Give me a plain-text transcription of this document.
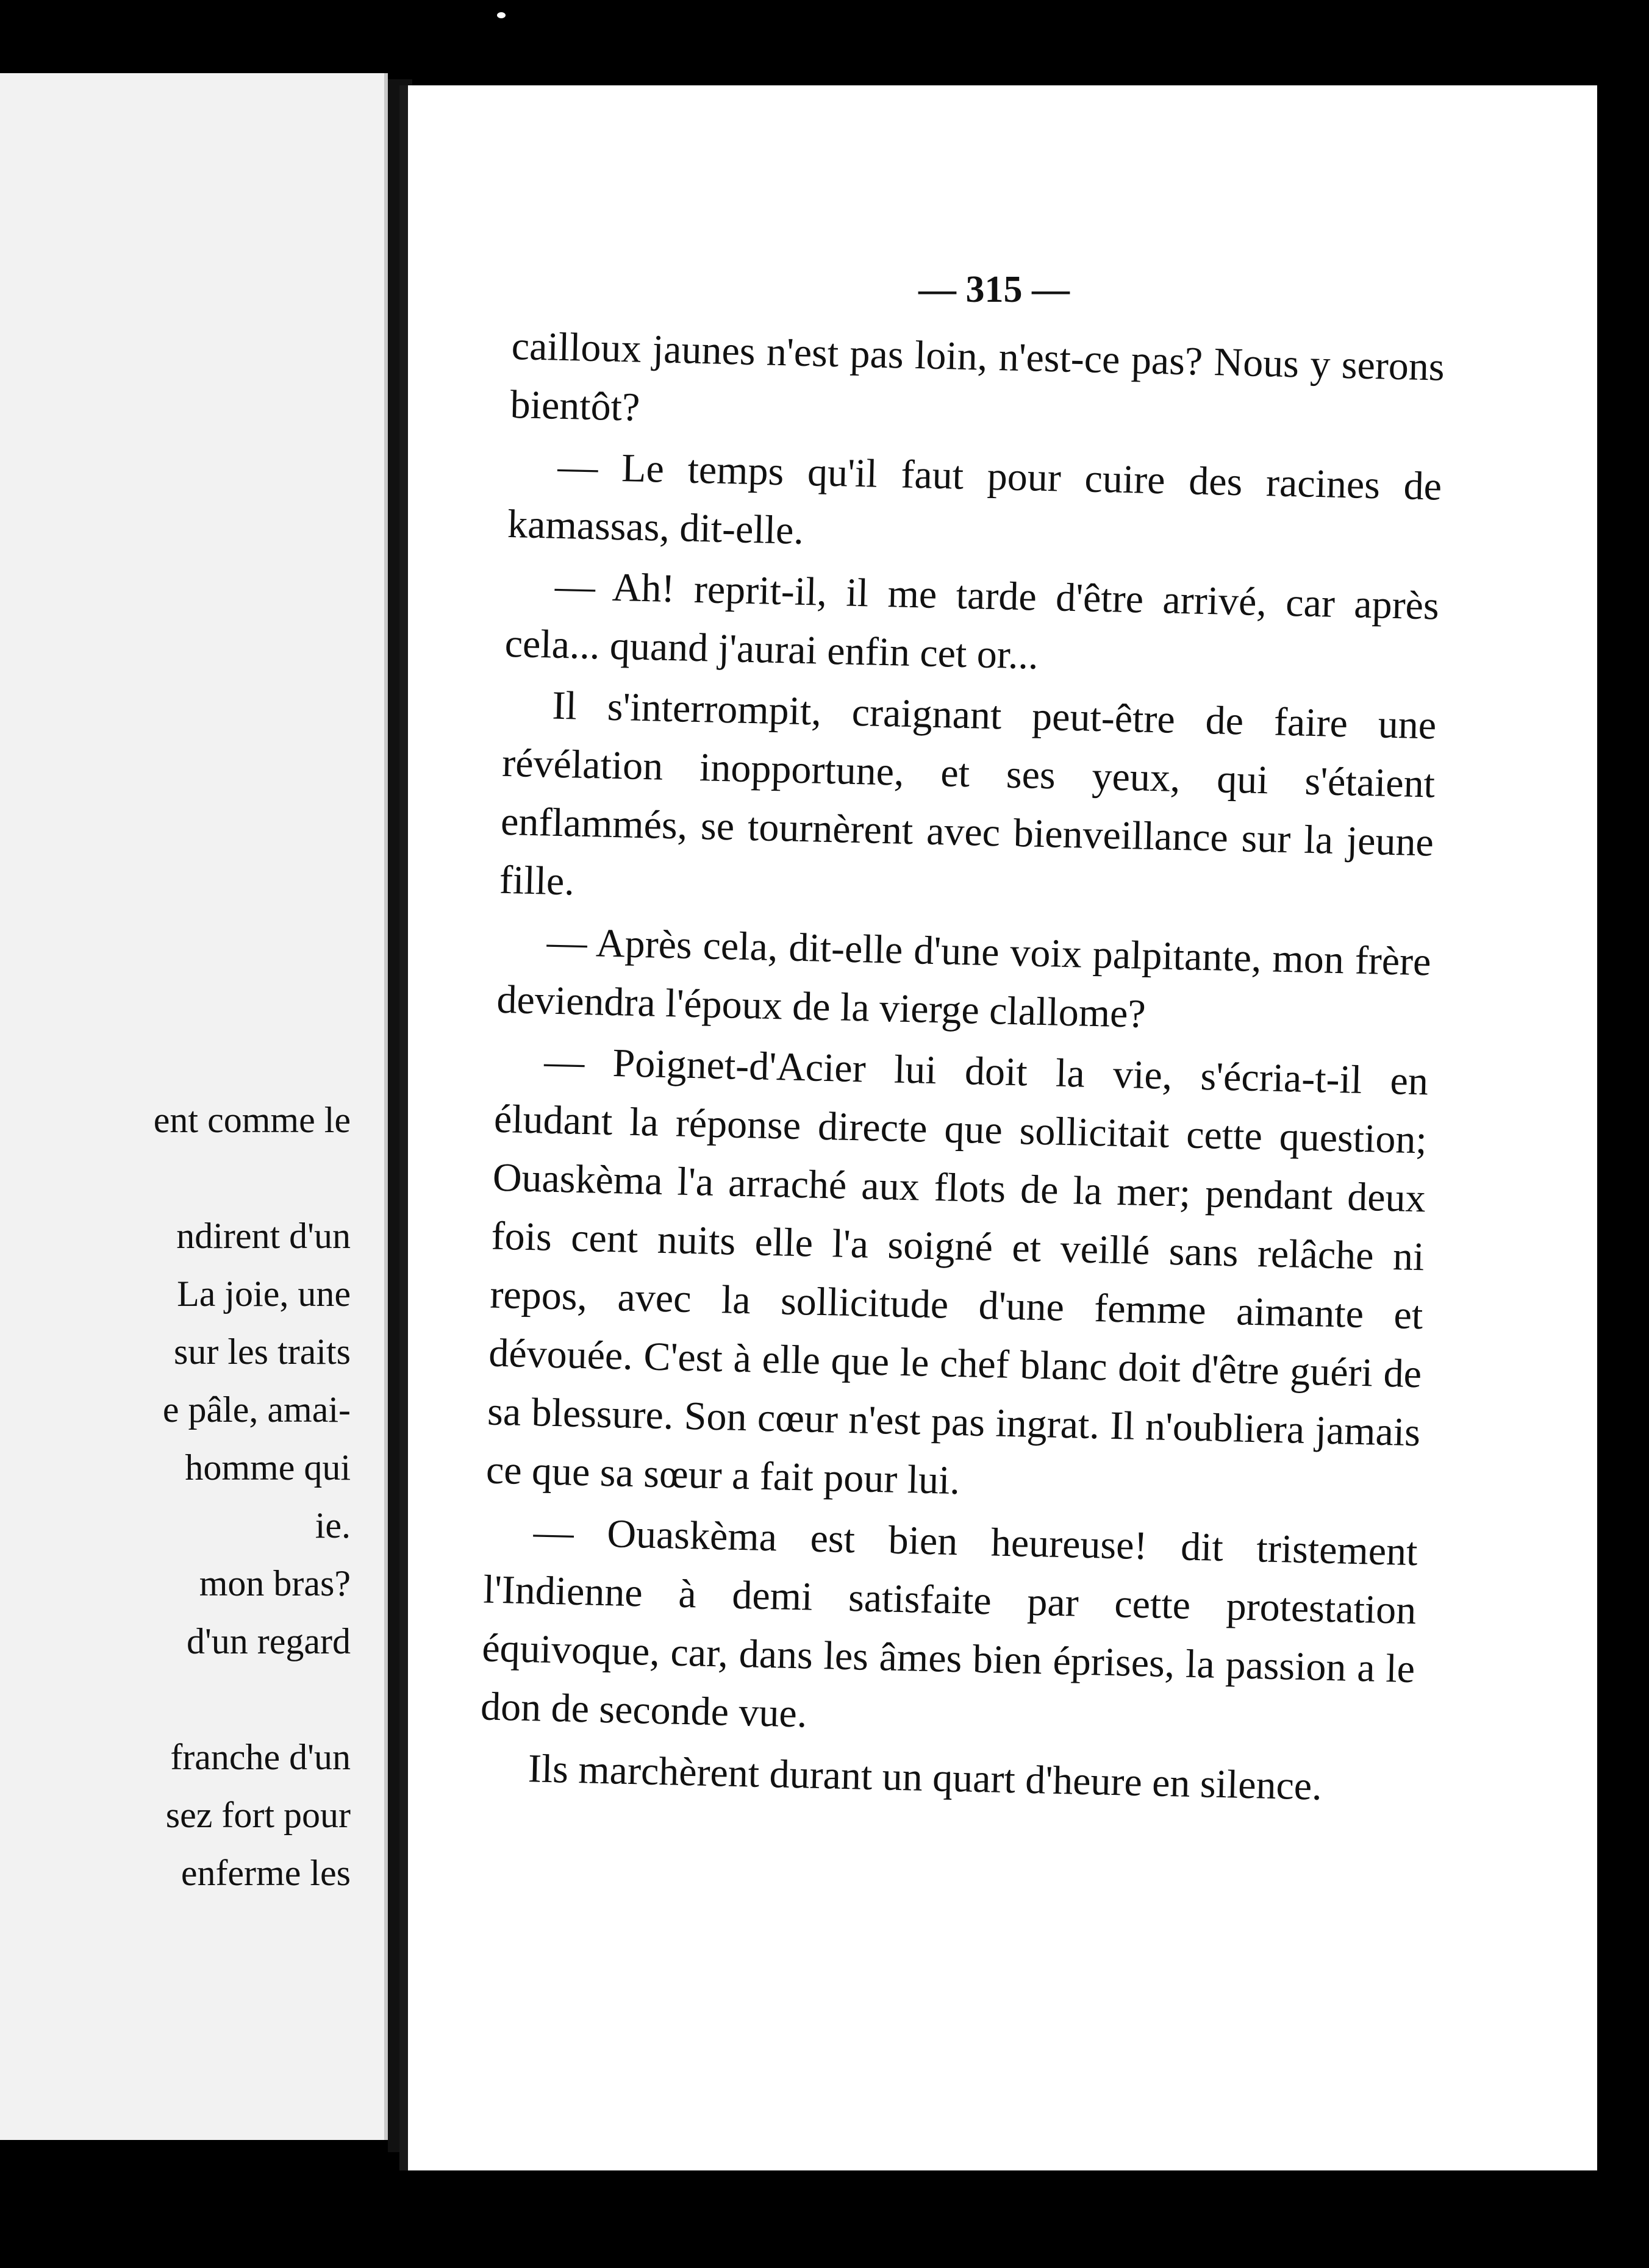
ent comme le
ndirent d'un
La joie, une
sur les traits
e pâle, amai-
homme qui
ie.
mon bras?
d'un regard
franche d'un
sez fort pour
enferme les
— 315 —

cailloux jaunes n'est pas loin, n'est-ce pas? Nous y serons bientôt?

— Le temps qu'il faut pour cuire des racines de kamassas, dit-elle.

— Ah! reprit-il, il me tarde d'être arrivé, car après cela... quand j'aurai enfin cet or...

Il s'interrompit, craignant peut-être de faire une révélation inopportune, et ses yeux, qui s'étaient enflammés, se tournèrent avec bienveillance sur la jeune fille.

— Après cela, dit-elle d'une voix palpitante, mon frère deviendra l'époux de la vierge clallome?

— Poignet-d'Acier lui doit la vie, s'écria-t-il en éludant la réponse directe que sollicitait cette question; Ouaskèma l'a arraché aux flots de la mer; pendant deux fois cent nuits elle l'a soigné et veillé sans relâche ni repos, avec la sollicitude d'une femme aimante et dévouée. C'est à elle que le chef blanc doit d'être guéri de sa blessure. Son cœur n'est pas ingrat. Il n'oubliera jamais ce que sa sœur a fait pour lui.

— Ouaskèma est bien heureuse! dit tristement l'Indienne à demi satisfaite par cette protestation équivoque, car, dans les âmes bien éprises, la passion a le don de seconde vue.

Ils marchèrent durant un quart d'heure en silence.
